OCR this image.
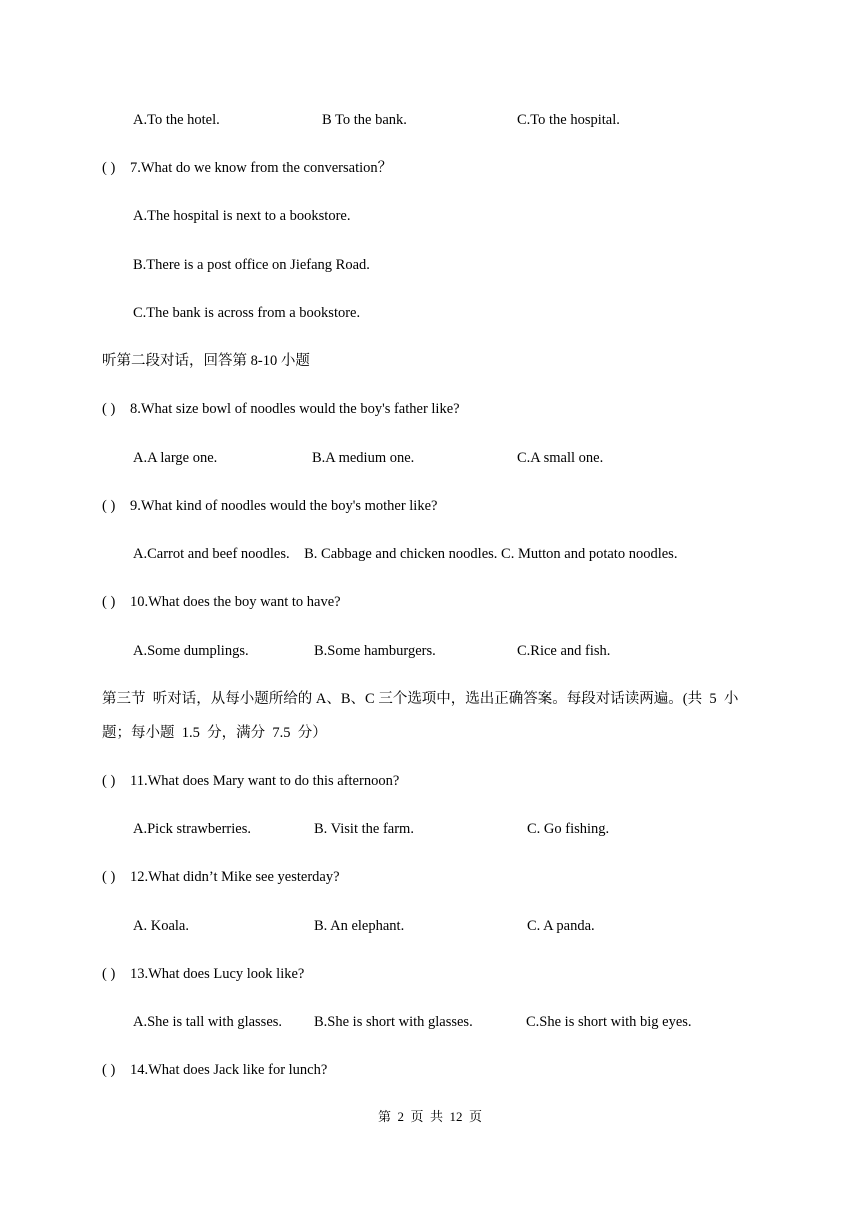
A.To the hotel.	B To the bank.	C.To the hospital.
( ) 7.What do we know from the conversation？
A.The hospital is next to a bookstore.
B.There is a post office on Jiefang Road.
C.The bank is across from a bookstore.
听第二段对话，回答第 8-10 小题
( ) 8.What size bowl of noodles would the boy's father like?
A.A large one.	B.A medium one.	C.A small one.
( ) 9.What kind of noodles would the boy's mother like?
A.Carrot and beef noodles.    B. Cabbage and chicken noodles. C. Mutton and potato noodles.
( ) 10.What does the boy want to have?
A.Some dumplings.	B.Some hamburgers.	C.Rice and fish.
第三节  听对话，从每小题所给的 A、B、C 三个选项中，选出正确答案。每段对话读两遍。(共  5  小
题；每小题  1.5  分，满分  7.5  分）
( ) 11.What does Mary want to do this afternoon?
A.Pick strawberries.	B. Visit the farm.	C. Go fishing.
( ) 12.What didn’t Mike see yesterday?
A. Koala.	B. An elephant.	C. A panda.
( ) 13.What does Lucy look like?
A.She is tall with glasses. B.She is short with glasses.	C.She is short with big eyes.
( ) 14.What does Jack like for lunch?
第  2  页  共  12  页
